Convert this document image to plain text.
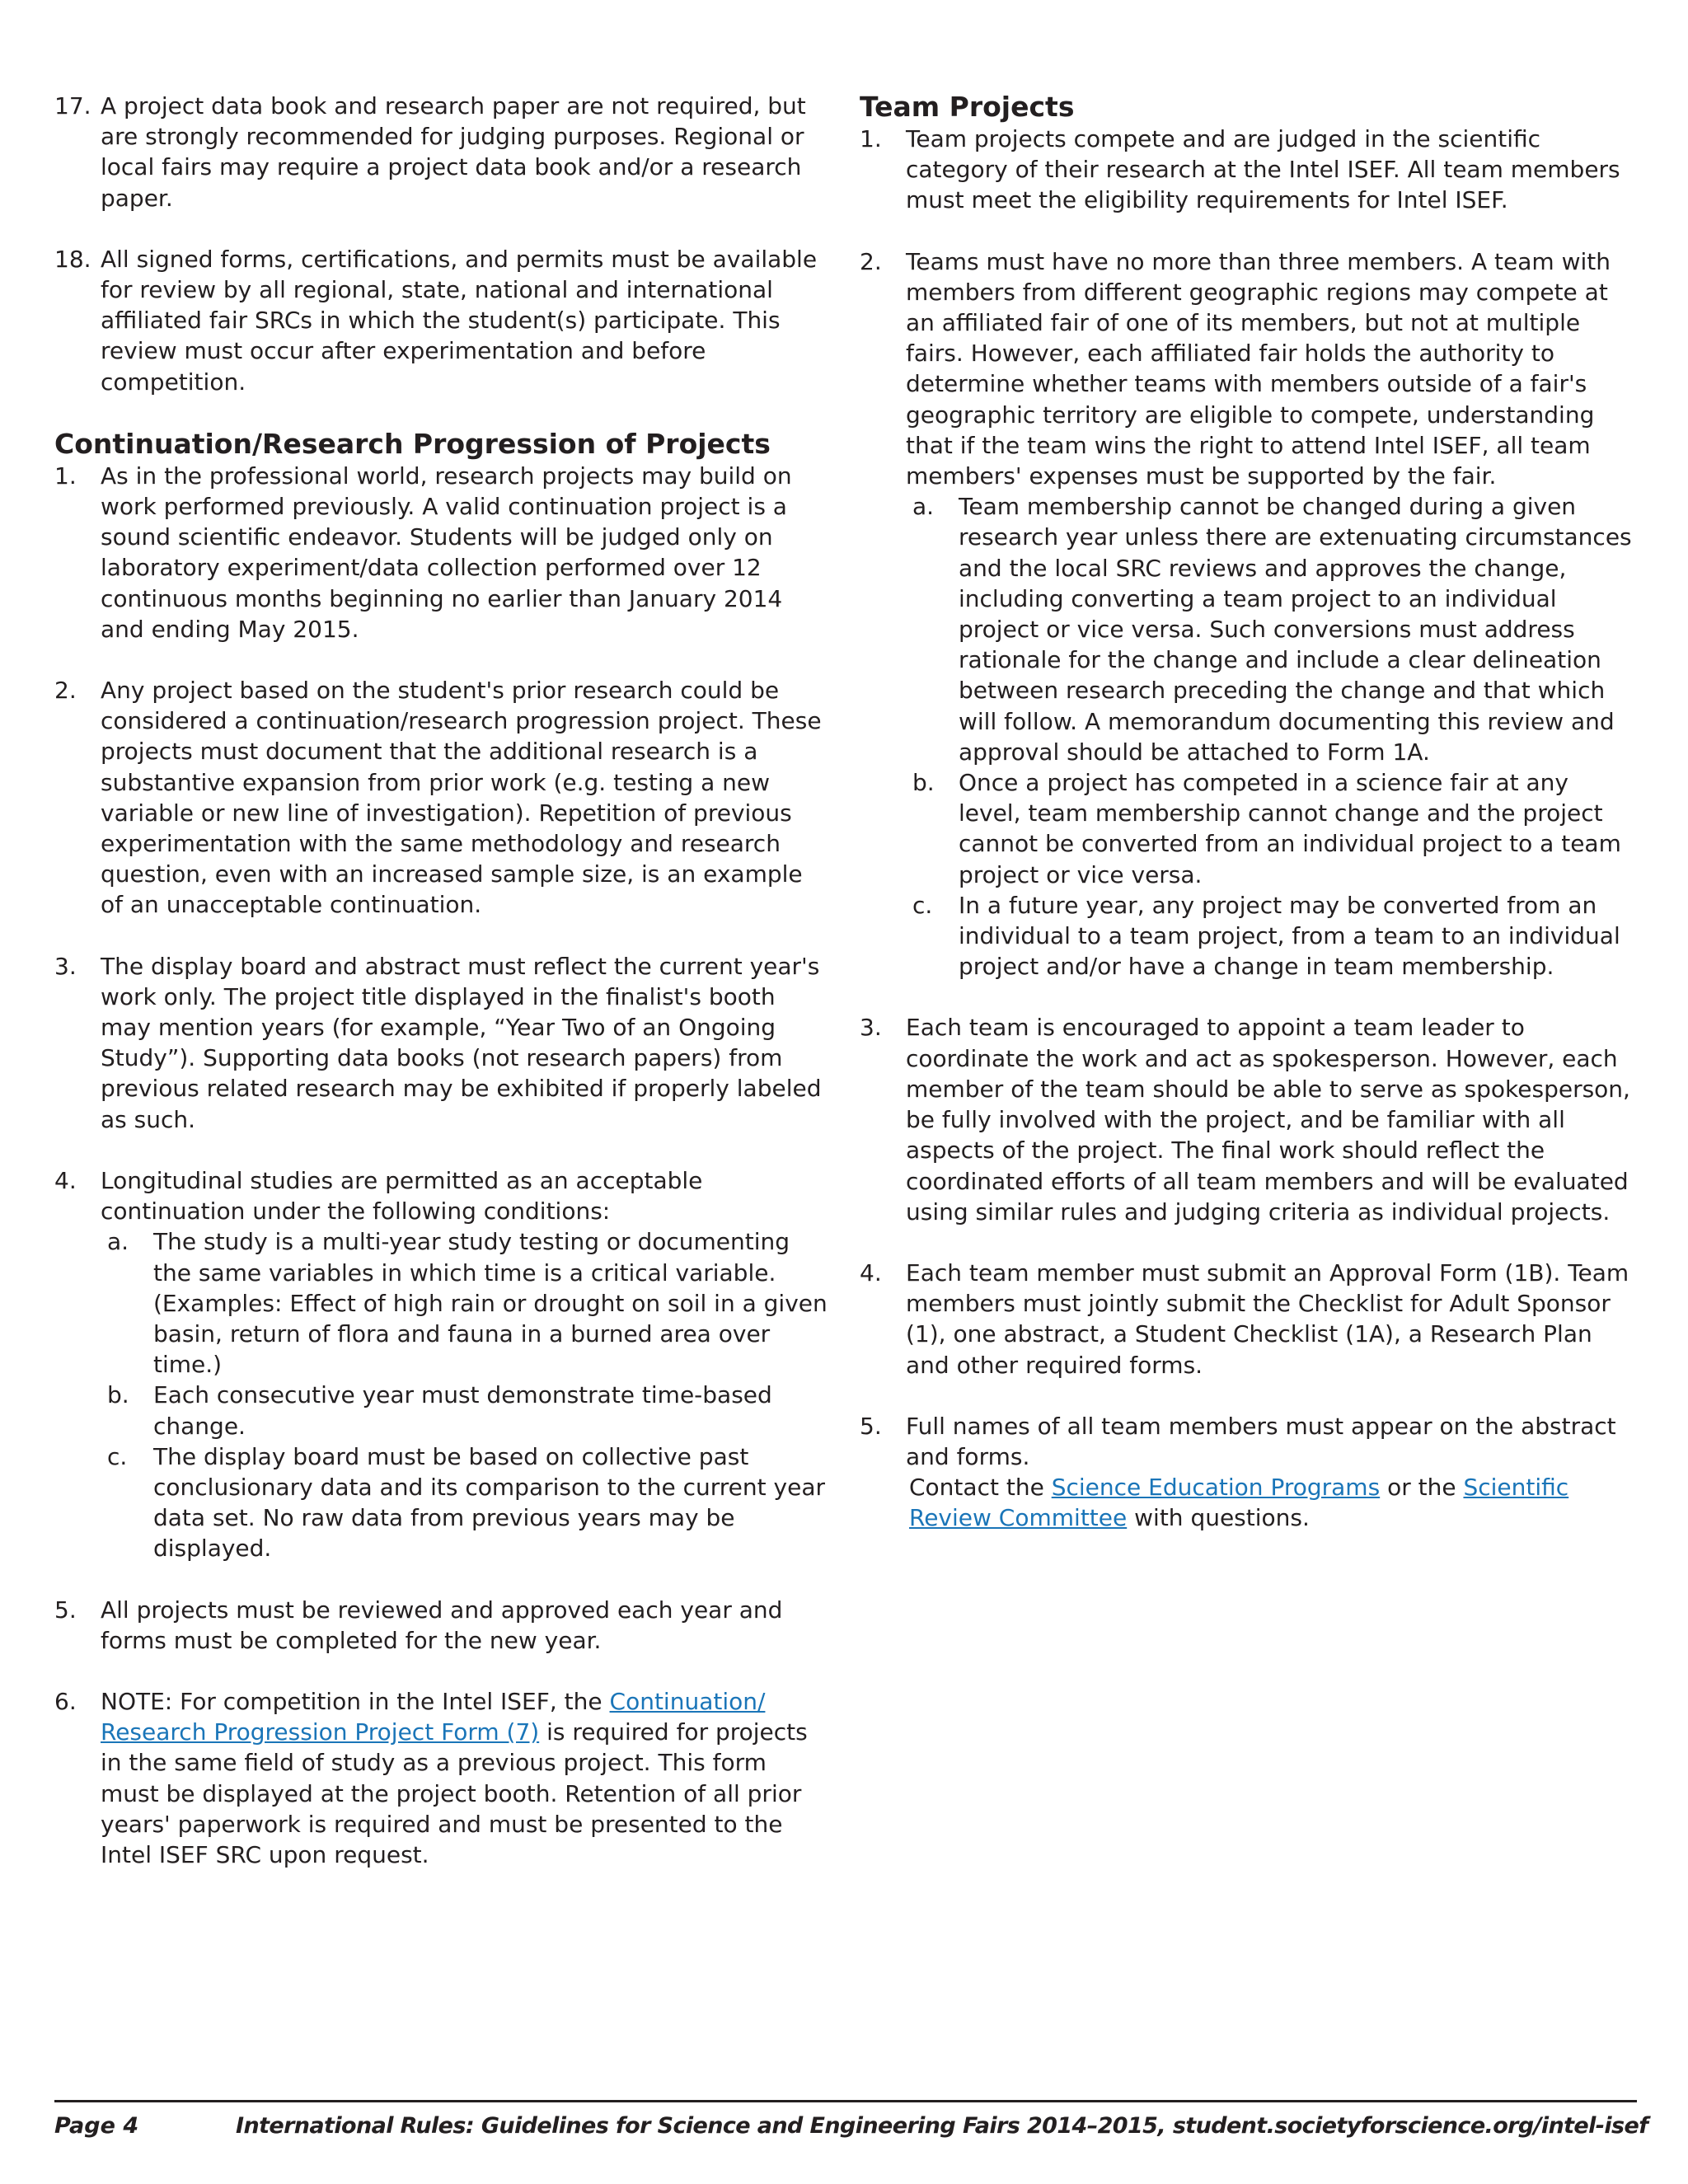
17. A project data book and research paper are not required, but are strongly recommended for judging purposes. Regional or local fairs may require a project data book and/or a research paper.
18. All signed forms, certifications, and permits must be available for review by all regional, state, national and international affiliated fair SRCs in which the student(s) participate. This review must occur after experimentation and before competition.
Continuation/Research Progression of Projects
1. As in the professional world, research projects may build on work performed previously. A valid continuation project is a sound scientific endeavor. Students will be judged only on laboratory experiment/data collection performed over 12 continuous months beginning no earlier than January 2014 and ending May 2015.
2. Any project based on the student's prior research could be considered a continuation/research progression project. These projects must document that the additional research is a substantive expansion from prior work (e.g. testing a new variable or new line of investigation). Repetition of previous experimentation with the same methodology and research question, even with an increased sample size, is an example of an unacceptable continuation.
3. The display board and abstract must reflect the current year's work only. The project title displayed in the finalist's booth may mention years (for example, “Year Two of an Ongoing Study”). Supporting data books (not research papers) from previous related research may be exhibited if properly labeled as such.
4. Longitudinal studies are permitted as an acceptable continuation under the following conditions:
a. The study is a multi-year study testing or documenting the same variables in which time is a critical variable. (Examples: Effect of high rain or drought on soil in a given basin, return of flora and fauna in a burned area over time.)
b. Each consecutive year must demonstrate time-based change.
c. The display board must be based on collective past conclusionary data and its comparison to the current year data set. No raw data from previous years may be displayed.
5. All projects must be reviewed and approved each year and forms must be completed for the new year.
6. NOTE: For competition in the Intel ISEF, the Continuation/ Research Progression Project Form (7) is required for projects in the same field of study as a previous project. This form must be displayed at the project booth. Retention of all prior years' paperwork is required and must be presented to the Intel ISEF SRC upon request.
Team Projects
1. Team projects compete and are judged in the scientific category of their research at the Intel ISEF. All team members must meet the eligibility requirements for Intel ISEF.
2. Teams must have no more than three members. A team with members from different geographic regions may compete at an affiliated fair of one of its members, but not at multiple fairs. However, each affiliated fair holds the authority to determine whether teams with members outside of a fair's geographic territory are eligible to compete, understanding that if the team wins the right to attend Intel ISEF, all team members' expenses must be supported by the fair.
a. Team membership cannot be changed during a given research year unless there are extenuating circumstances and the local SRC reviews and approves the change, including converting a team project to an individual project or vice versa. Such conversions must address rationale for the change and include a clear delineation between research preceding the change and that which will follow. A memorandum documenting this review and approval should be attached to Form 1A.
b. Once a project has competed in a science fair at any level, team membership cannot change and the project cannot be converted from an individual project to a team project or vice versa.
c. In a future year, any project may be converted from an individual to a team project, from a team to an individual project and/or have a change in team membership.
3. Each team is encouraged to appoint a team leader to coordinate the work and act as spokesperson. However, each member of the team should be able to serve as spokesperson, be fully involved with the project, and be familiar with all aspects of the project. The final work should reflect the coordinated efforts of all team members and will be evaluated using similar rules and judging criteria as individual projects.
4. Each team member must submit an Approval Form (1B). Team members must jointly submit the Checklist for Adult Sponsor (1), one abstract, a Student Checklist (1A), a Research Plan and other required forms.
5. Full names of all team members must appear on the abstract and forms.
Contact the Science Education Programs or the Scientific Review Committee with questions.
Page 4	International Rules: Guidelines for Science and Engineering Fairs 2014–2015, student.societyforscience.org/intel-isef
